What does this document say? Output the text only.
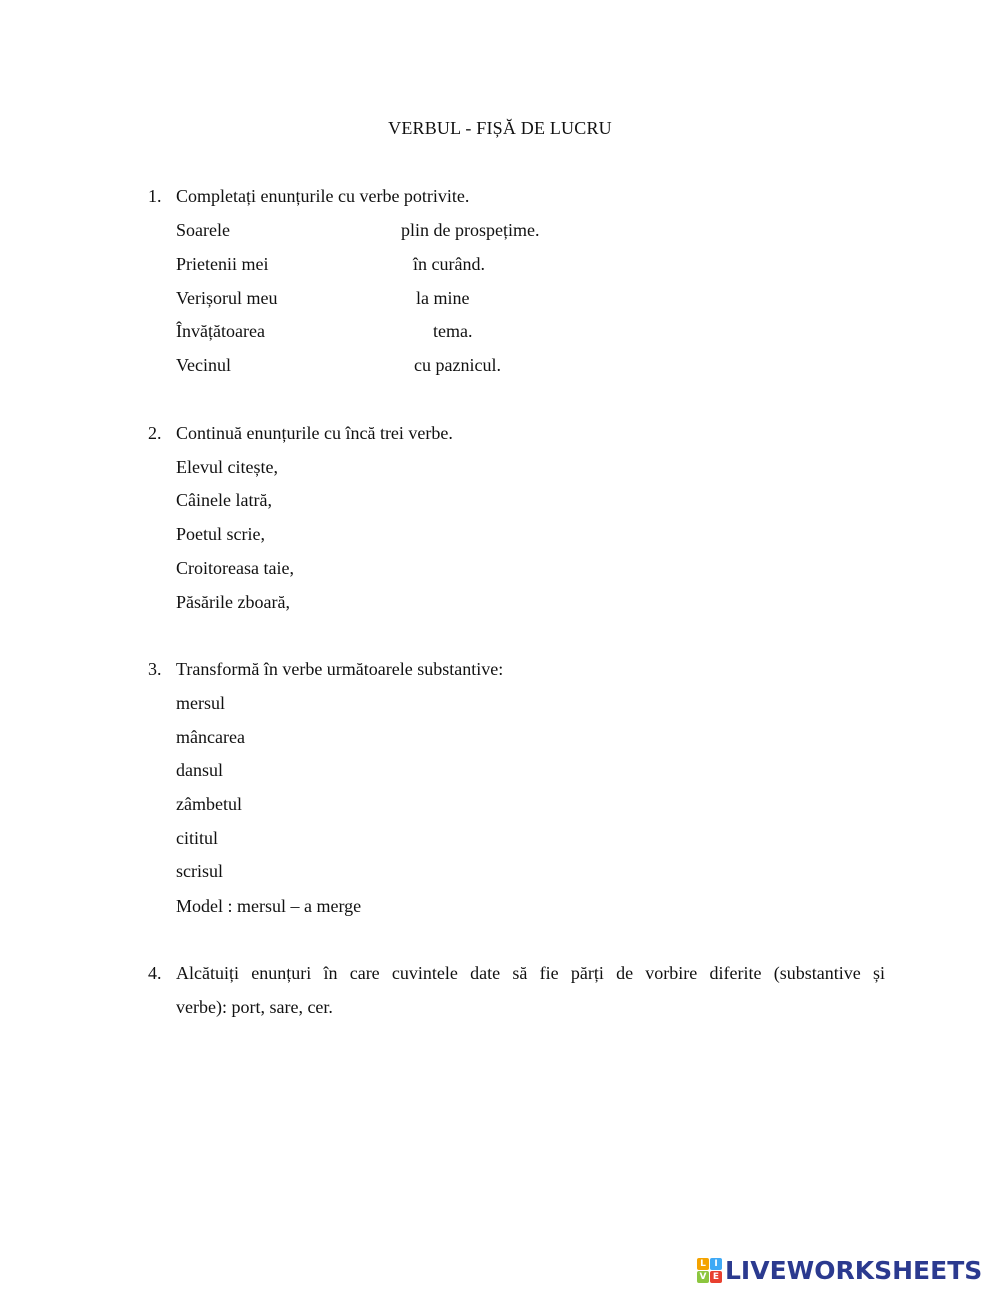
VERBUL - FIȘĂ DE LUCRU
1. Completați enunțurile cu verbe potrivite.
Soarele	plin de prospețime.
Prietenii mei	în curând.
Verișorul meu	la mine
Învățătoarea	tema.
Vecinul	cu paznicul.
2. Continuă enunțurile cu încă trei verbe.
Elevul citește,
Câinele latră,
Poetul scrie,
Croitoreasa taie,
Păsările zboară,
3. Transformă în verbe următoarele substantive:
mersul
mâncarea
dansul
zâmbetul
cititul
scrisul
Model : mersul – a merge
4. Alcătuiți enunțuri în care cuvintele date să fie părți de vorbire diferite (substantive și
verbe): port, sare, cer.
L I
V E LIVEWORKSHEETS
